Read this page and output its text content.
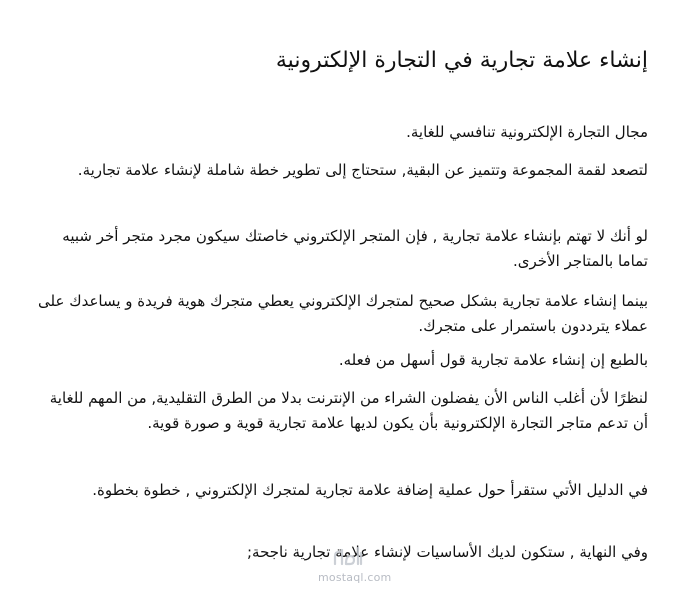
إنشاء علامة تجارية في التجارة الإلكترونية

مجال التجارة الإلكترونية تنافسي للغاية.

لتصعد لقمة المجموعة وتتميز عن البقية, ستحتاج إلى تطوير خطة شاملة لإنشاء علامة تجارية.

لو أنك لا تهتم بإنشاء علامة تجارية , فإن المتجر الإلكتروني خاصتك سيكون مجرد متجر أخر شبيه تماما بالمتاجر الأخرى.

بينما إنشاء علامة تجارية بشكل صحيح لمتجرك الإلكتروني يعطي متجرك هوية فريدة و يساعدك على عملاء يترددون باستمرار على متجرك.

بالطبع إن إنشاء علامة تجارية قول أسهل من فعله.

لنظرًا لأن أغلب الناس الأن يفضلون الشراء من الإنترنت بدلا من الطرق التقليدية, من المهم للغاية أن تدعم متاجر التجارة الإلكترونية بأن يكون لديها علامة تجارية قوية و صورة قوية.

في الدليل الأتي ستقرأ حول عملية إضافة علامة تجارية لمتجرك الإلكتروني , خطوة بخطوة.

وفي النهاية , ستكون لديك الأساسيات لإنشاء علامة تجارية ناجحة;

mostaql.com
